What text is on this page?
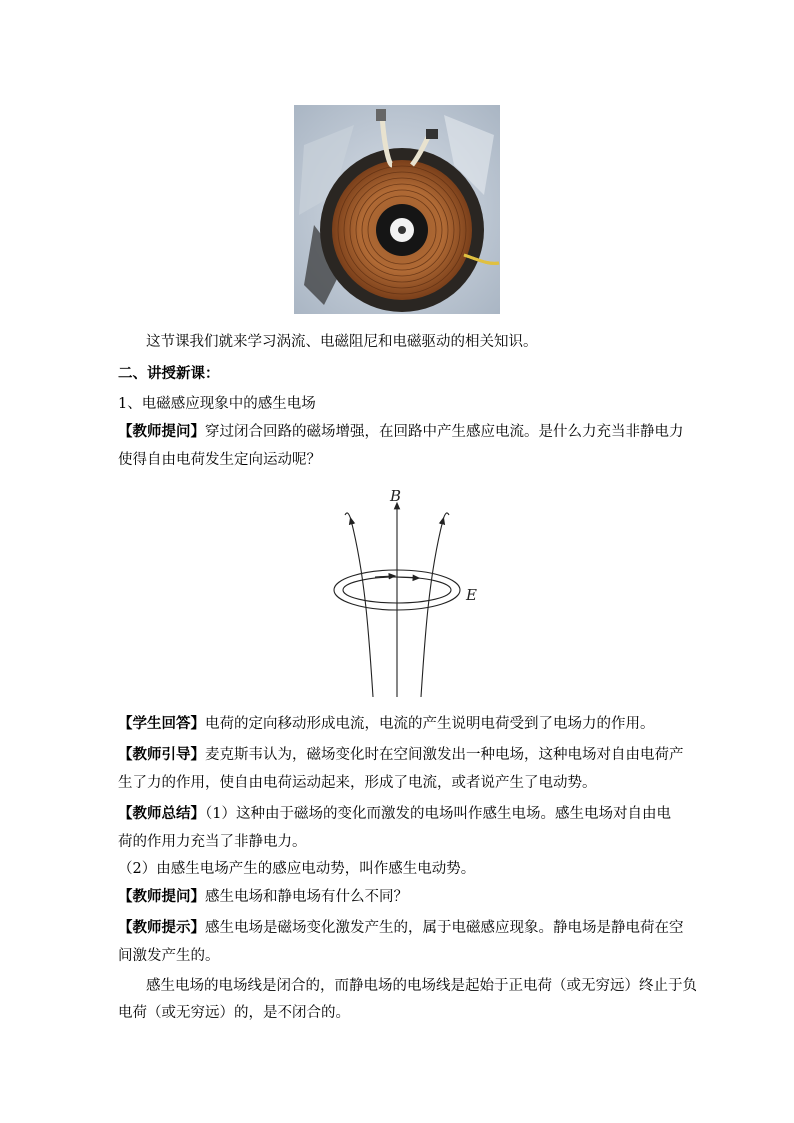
这节课我们就来学习涡流、电磁阻尼和电磁驱动的相关知识。
二、讲授新课：
1、电磁感应现象中的感生电场
【教师提问】穿过闭合回路的磁场增强，在回路中产生感应电流。是什么力充当非静电力
使得自由电荷发生定向运动呢？
B
E
【学生回答】电荷的定向移动形成电流，电流的产生说明电荷受到了电场力的作用。
【教师引导】麦克斯韦认为，磁场变化时在空间激发出一种电场，这种电场对自由电荷产
生了力的作用，使自由电荷运动起来，形成了电流，或者说产生了电动势。
【教师总结】（1）这种由于磁场的变化而激发的电场叫作感生电场。感生电场对自由电
荷的作用力充当了非静电力。
（2）由感生电场产生的感应电动势，叫作感生电动势。
【教师提问】感生电场和静电场有什么不同？
【教师提示】感生电场是磁场变化激发产生的，属于电磁感应现象。静电场是静电荷在空
间激发产生的。
感生电场的电场线是闭合的，而静电场的电场线是起始于正电荷（或无穷远）终止于负
电荷（或无穷远）的，是不闭合的。
